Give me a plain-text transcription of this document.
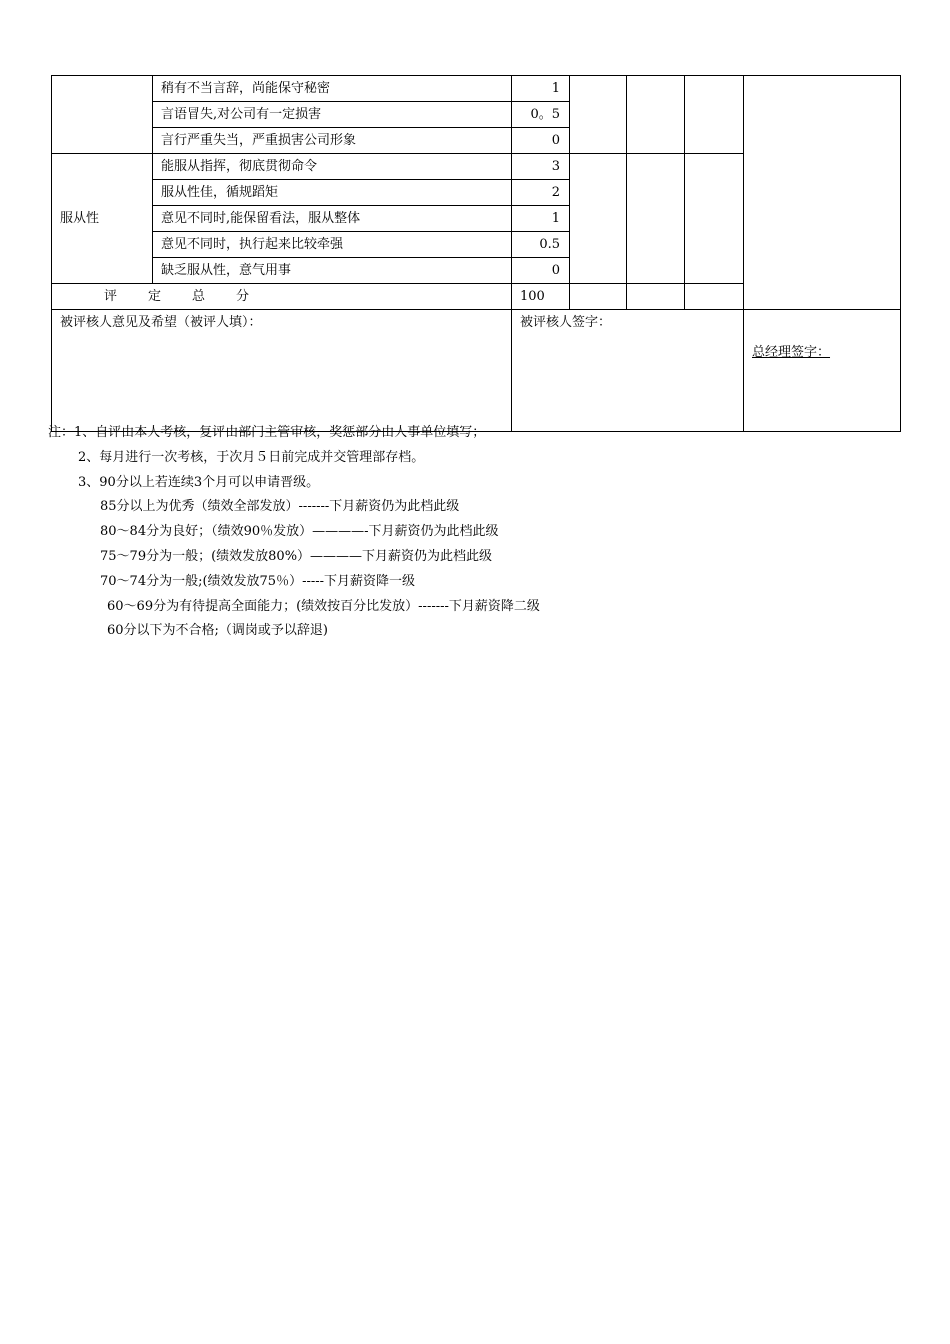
	稍有不当言辞，尚能保守秘密	1				
	言语冒失,对公司有一定损害	0。5				
	言行严重失当，严重损害公司形象	0				
服从性	能服从指挥，彻底贯彻命令	3				
	服从性佳，循规蹈矩	2				
	意见不同时,能保留看法，服从整体	1				
	意见不同时，执行起来比较牵强	0.5				
	缺乏服从性，意气用事	0				
评 定 总 分		100				
被评核人意见及希望（被评人填）：		被评核人签字：				总经理签字：
注：1、自评由本人考核，复评由部门主管审核，奖惩部分由人事单位填写；
2、每月进行一次考核，于次月５日前完成并交管理部存档。
3、90分以上若连续3个月可以申请晋级。
85分以上为优秀（绩效全部发放）-------下月薪资仍为此档此级
80～84分为良好；（绩效90％发放）————-下月薪资仍为此档此级
75～79分为一般；(绩效发放80%）————下月薪资仍为此档此级
70～74分为一般;(绩效发放75％）-----下月薪资降一级
60～69分为有待提高全面能力；(绩效按百分比发放）-------下月薪资降二级
60分以下为不合格;（调岗或予以辞退)
